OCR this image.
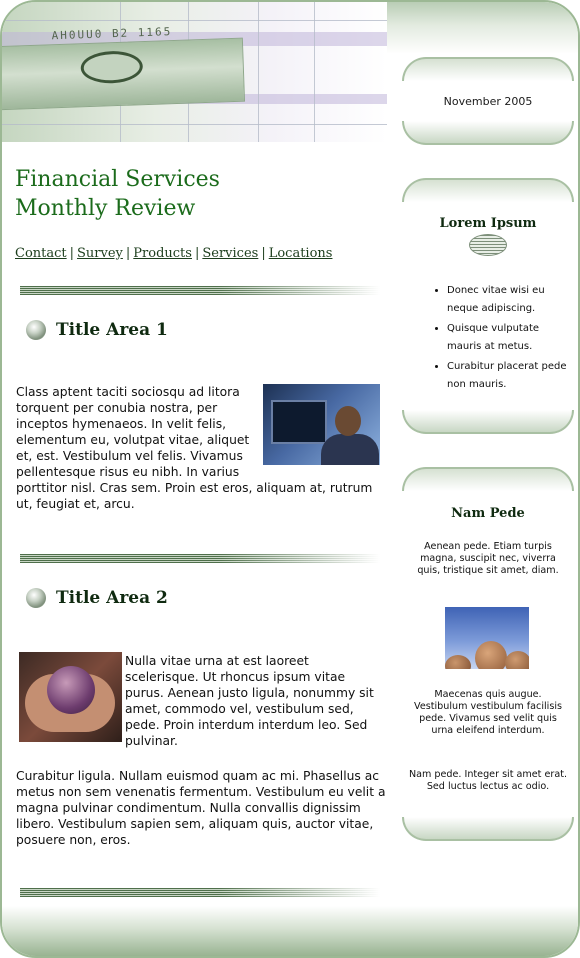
AH0UU0 B2 1165
Financial Services
Monthly Review
Contact | Survey | Products | Services | Locations
Title Area 1

Class aptent taciti sociosqu ad litora torquent per conubia nostra, per inceptos hymenaeos. In velit felis, elementum eu, volutpat vitae, aliquet et, est. Vestibulum vel felis. Vivamus pellentesque risus eu nibh. In varius porttitor nisl. Cras sem. Proin est eros, aliquam at, rutrum ut, feugiat et, arcu.
Title Area 2
Nulla vitae urna at est laoreet scelerisque. Ut rhoncus ipsum vitae purus. Aenean justo ligula, nonummy sit amet, commodo vel, vestibulum sed, pede. Proin interdum interdum leo. Sed pulvinar.
Curabitur ligula. Nullam euismod quam ac mi. Phasellus ac metus non sem venenatis fermentum. Vestibulum eu velit a magna pulvinar condimentum. Nulla convallis dignissim libero. Vestibulum sapien sem, aliquam quis, auctor vitae, posuere non, eros.
November 2005
Lorem Ipsum
• Donec vitae wisi eu neque adipiscing.
• Quisque vulputate mauris at metus.
• Curabitur placerat pede non mauris.
Nam Pede

Aenean pede. Etiam turpis magna, suscipit nec, viverra quis, tristique sit amet, diam.

Maecenas quis augue. Vestibulum vestibulum facilisis pede. Vivamus sed velit quis urna eleifend interdum.

Nam pede. Integer sit amet erat. Sed luctus lectus ac odio.
